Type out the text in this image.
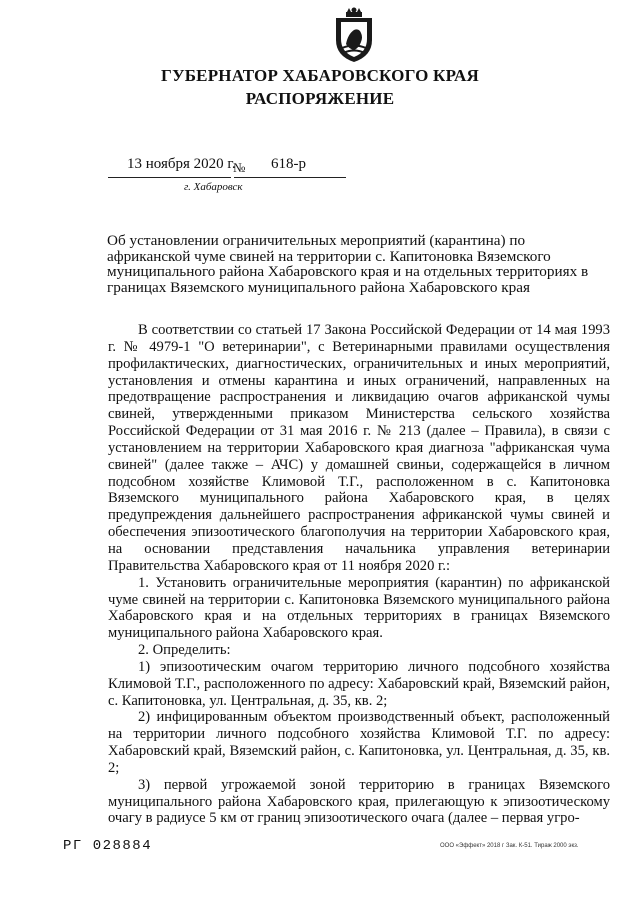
ГУБЕРНАТОР ХАБАРОВСКОГО КРАЯ
РАСПОРЯЖЕНИЕ
13 ноября 2020 г.
№ 618-р
г. Хабаровск

Об установлении ограничительных мероприятий (карантина) по африканской чуме свиней на территории с. Капитоновка Вяземского муниципального района Хабаровского края и на отдельных территориях в границах Вяземского муниципального района Хабаровского края

В соответствии со статьей 17 Закона Российской Федерации от 14 мая 1993 г. № 4979-1 "О ветеринарии", с Ветеринарными правилами осуществления профилактических, диагностических, ограничительных и иных мероприятий, установления и отмены карантина и иных ограничений, направленных на предотвращение распространения и ликвидацию очагов африканской чумы свиней, утвержденными приказом Министерства сельского хозяйства Российской Федерации от 31 мая 2016 г. № 213 (далее – Правила), в связи с установлением на территории Хабаровского края диагноза "африканская чума свиней" (далее также – АЧС) у домашней свиньи, содержащейся в личном подсобном хозяйстве Климовой Т.Г., расположенном в с. Капитоновка Вяземского муниципального района Хабаровского края, в целях предупреждения дальнейшего распространения африканской чумы свиней и обеспечения эпизоотического благополучия на территории Хабаровского края, на основании представления начальника управления ветеринарии Правительства Хабаровского края от 11 ноября 2020 г.:

1. Установить ограничительные мероприятия (карантин) по африканской чуме свиней на территории с. Капитоновка Вяземского муниципального района Хабаровского края и на отдельных территориях в границах Вяземского муниципального района Хабаровского края.

2. Определить:

1) эпизоотическим очагом территорию личного подсобного хозяйства Климовой Т.Г., расположенного по адресу: Хабаровский край, Вяземский район, с. Капитоновка, ул. Центральная, д. 35, кв. 2;

2) инфицированным объектом производственный объект, расположенный на территории личного подсобного хозяйства Климовой Т.Г. по адресу: Хабаровский край, Вяземский район, с. Капитоновка, ул. Центральная, д. 35, кв. 2;

3) первой угрожаемой зоной территорию в границах Вяземского муниципального района Хабаровского края, прилегающую к эпизоотическому очагу в радиусе 5 км от границ эпизоотического очага (далее – первая угро-

РГ 028884	ООО «Эффект» 2018 г Зак. К-51. Тираж 2000 экз.
